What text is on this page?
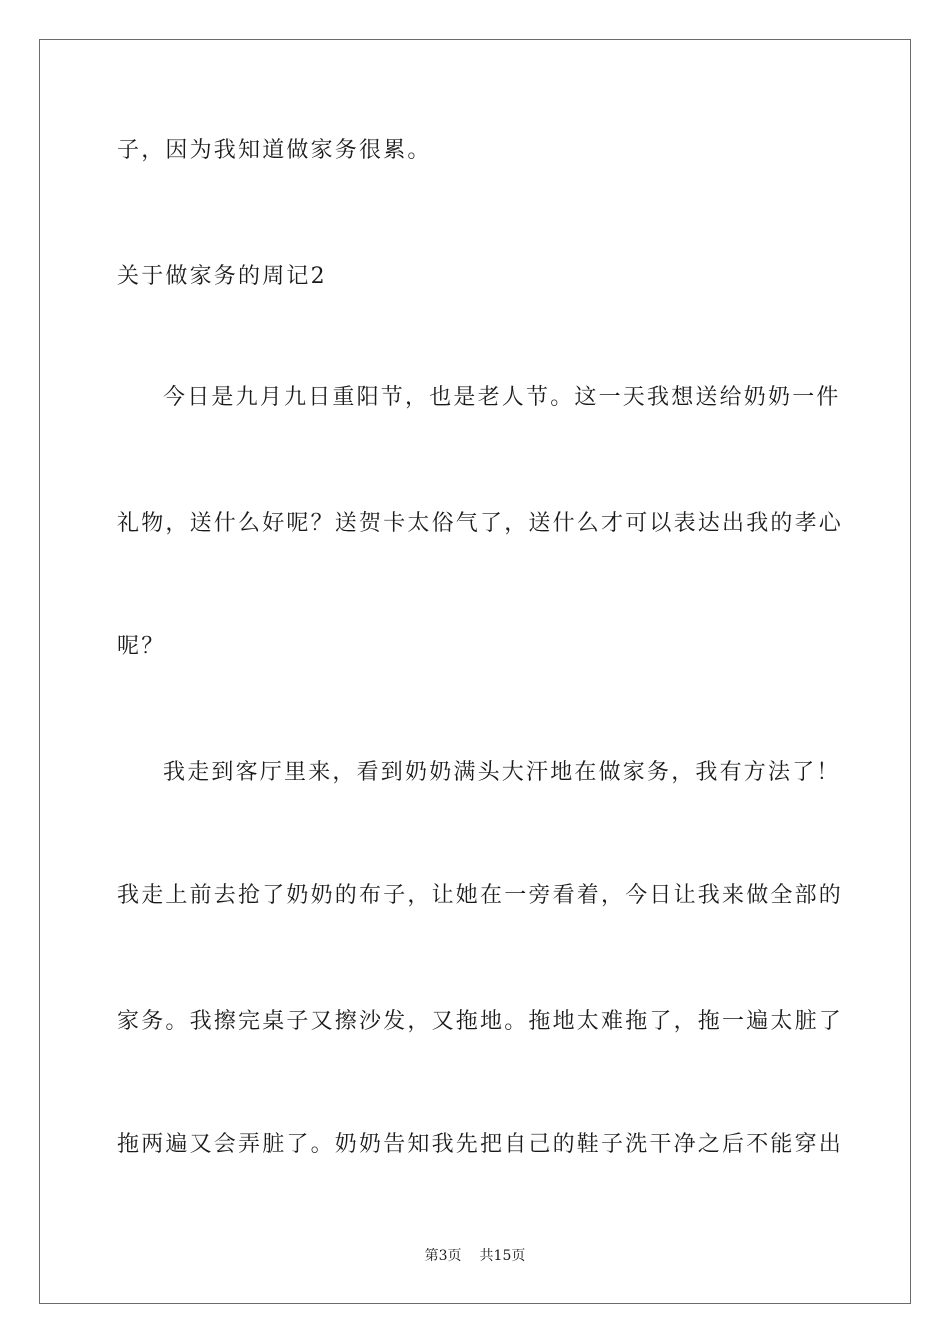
子，因为我知道做家务很累。
关于做家务的周记2
今日是九月九日重阳节，也是老人节。这一天我想送给奶奶一件
礼物，送什么好呢？送贺卡太俗气了，送什么才可以表达出我的孝心
呢？
我走到客厅里来，看到奶奶满头大汗地在做家务，我有方法了！
我走上前去抢了奶奶的布子，让她在一旁看着，今日让我来做全部的
家务。我擦完桌子又擦沙发，又拖地。拖地太难拖了，拖一遍太脏了
拖两遍又会弄脏了。奶奶告知我先把自己的鞋子洗干净之后不能穿出
第3页 共15页
